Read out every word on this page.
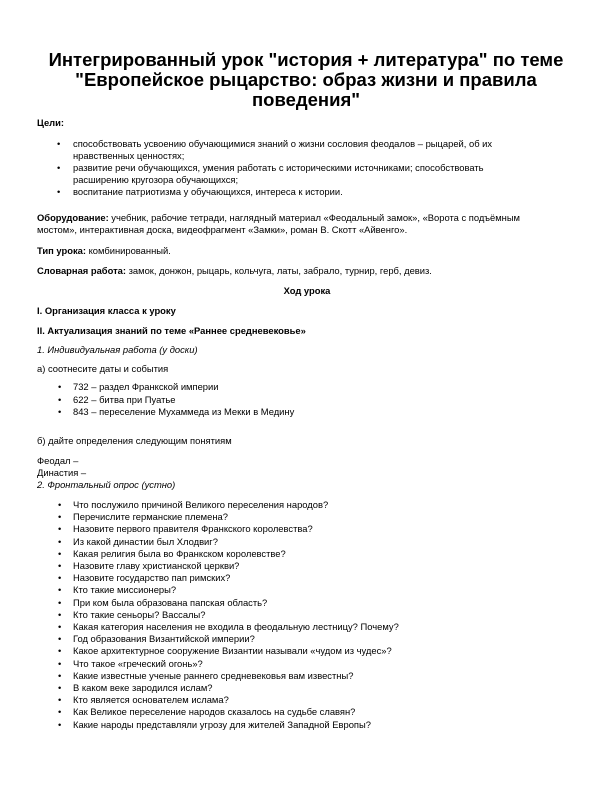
Интегрированный урок "история + литература" по теме
"Европейское рыцарство: образ жизни и правила
поведения"

Цели:

• способствовать усвоению обучающимися знаний о жизни сословия феодалов – рыцарей, об их
нравственных ценностях;
• развитие речи обучающихся, умения работать с историческими источниками; способствовать
расширению кругозора обучающихся;
• воспитание патриотизма у обучающихся, интереса к истории.

Оборудование: учебник, рабочие тетради, наглядный материал «Феодальный замок», «Ворота с подъёмным
мостом», интерактивная доска, видеофрагмент «Замки», роман В. Скотт «Айвенго».

Тип урока: комбинированный.

Словарная работа: замок, донжон, рыцарь, кольчуга, латы, забрало, турнир, герб, девиз.

Ход урока

I. Организация класса к уроку

II. Актуализация знаний по теме «Раннее средневековье»

1. Индивидуальная работа (у доски)

а) соотнесите даты и события

• 732 – раздел Франкской империи
• 622 – битва при Пуатье
• 843 – переселение Мухаммеда из Мекки в Медину

б) дайте определения следующим понятиям

Феодал –

Династия –

2. Фронтальный опрос (устно)

• Что послужило причиной Великого переселения народов?
• Перечислите германские племена?
• Назовите первого правителя Франкского королевства?
• Из какой династии был Хлодвиг?
• Какая религия была во Франкском королевстве?
• Назовите главу христианской церкви?
• Назовите государство пап римских?
• Кто такие миссионеры?
• При ком была образована папская область?
• Кто такие сеньоры? Вассалы?
• Какая категория населения не входила в феодальную лестницу? Почему?
• Год образования Византийской империи?
• Какое архитектурное сооружение Византии называли «чудом из чудес»?
• Что такое «греческий огонь»?
• Какие известные ученые раннего средневековья вам известны?
• В каком веке зародился ислам?
• Кто является основателем ислама?
• Как Великое переселение народов сказалось на судьбе славян?
• Какие народы представляли угрозу для жителей Западной Европы?
